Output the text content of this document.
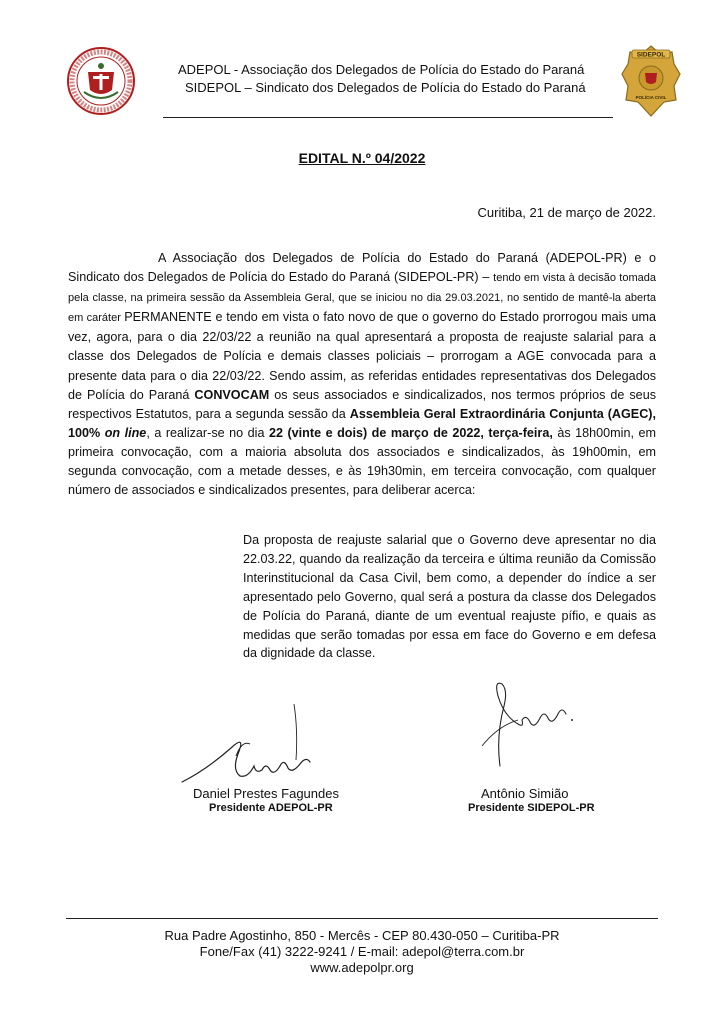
ADEPOL - Associação dos Delegados de Polícia do Estado do Paraná
SIDEPOL – Sindicato dos Delegados de Polícia do Estado do Paraná
SIDEPOL
POLÍCIA CIVIL
EDITAL N.º 04/2022
Curitiba, 21 de março de 2022.
A Associação dos Delegados de Polícia do Estado do Paraná (ADEPOL-PR) e o Sindicato dos Delegados de Polícia do Estado do Paraná (SIDEPOL-PR) – tendo em vista à decisão tomada pela classe, na primeira sessão da Assembleia Geral, que se iniciou no dia 29.03.2021, no sentido de mantê-la aberta em caráter PERMANENTE e tendo em vista o fato novo de que o governo do Estado prorrogou mais uma vez, agora, para o dia 22/03/22 a reunião na qual apresentará a proposta de reajuste salarial para a classe dos Delegados de Polícia e demais classes policiais – prorrogam a AGE convocada para a presente data para o dia 22/03/22. Sendo assim, as referidas entidades representativas dos Delegados de Polícia do Paraná CONVOCAM os seus associados e sindicalizados, nos termos próprios de seus respectivos Estatutos, para a segunda sessão da Assembleia Geral Extraordinária Conjunta (AGEC), 100% on line, a realizar-se no dia 22 (vinte e dois) de março de 2022, terça-feira, às 18h00min, em primeira convocação, com a maioria absoluta dos associados e sindicalizados, às 19h00min, em segunda convocação, com a metade desses, e às 19h30min, em terceira convocação, com qualquer número de associados e sindicalizados presentes, para deliberar acerca:
Da proposta de reajuste salarial que o Governo deve apresentar no dia 22.03.22, quando da realização da terceira e última reunião da Comissão Interinstitucional da Casa Civil, bem como, a depender do índice a ser apresentado pelo Governo, qual será a postura da classe dos Delegados de Polícia do Paraná, diante de um eventual reajuste pífio, e quais as medidas que serão tomadas por essa em face do Governo e em defesa da dignidade da classe.
Daniel Prestes Fagundes
Presidente ADEPOL-PR
Antônio Simião
Presidente SIDEPOL-PR
Rua Padre Agostinho, 850 - Mercês - CEP 80.430-050 – Curitiba-PR
Fone/Fax (41) 3222-9241 / E-mail: adepol@terra.com.br
www.adepolpr.org
